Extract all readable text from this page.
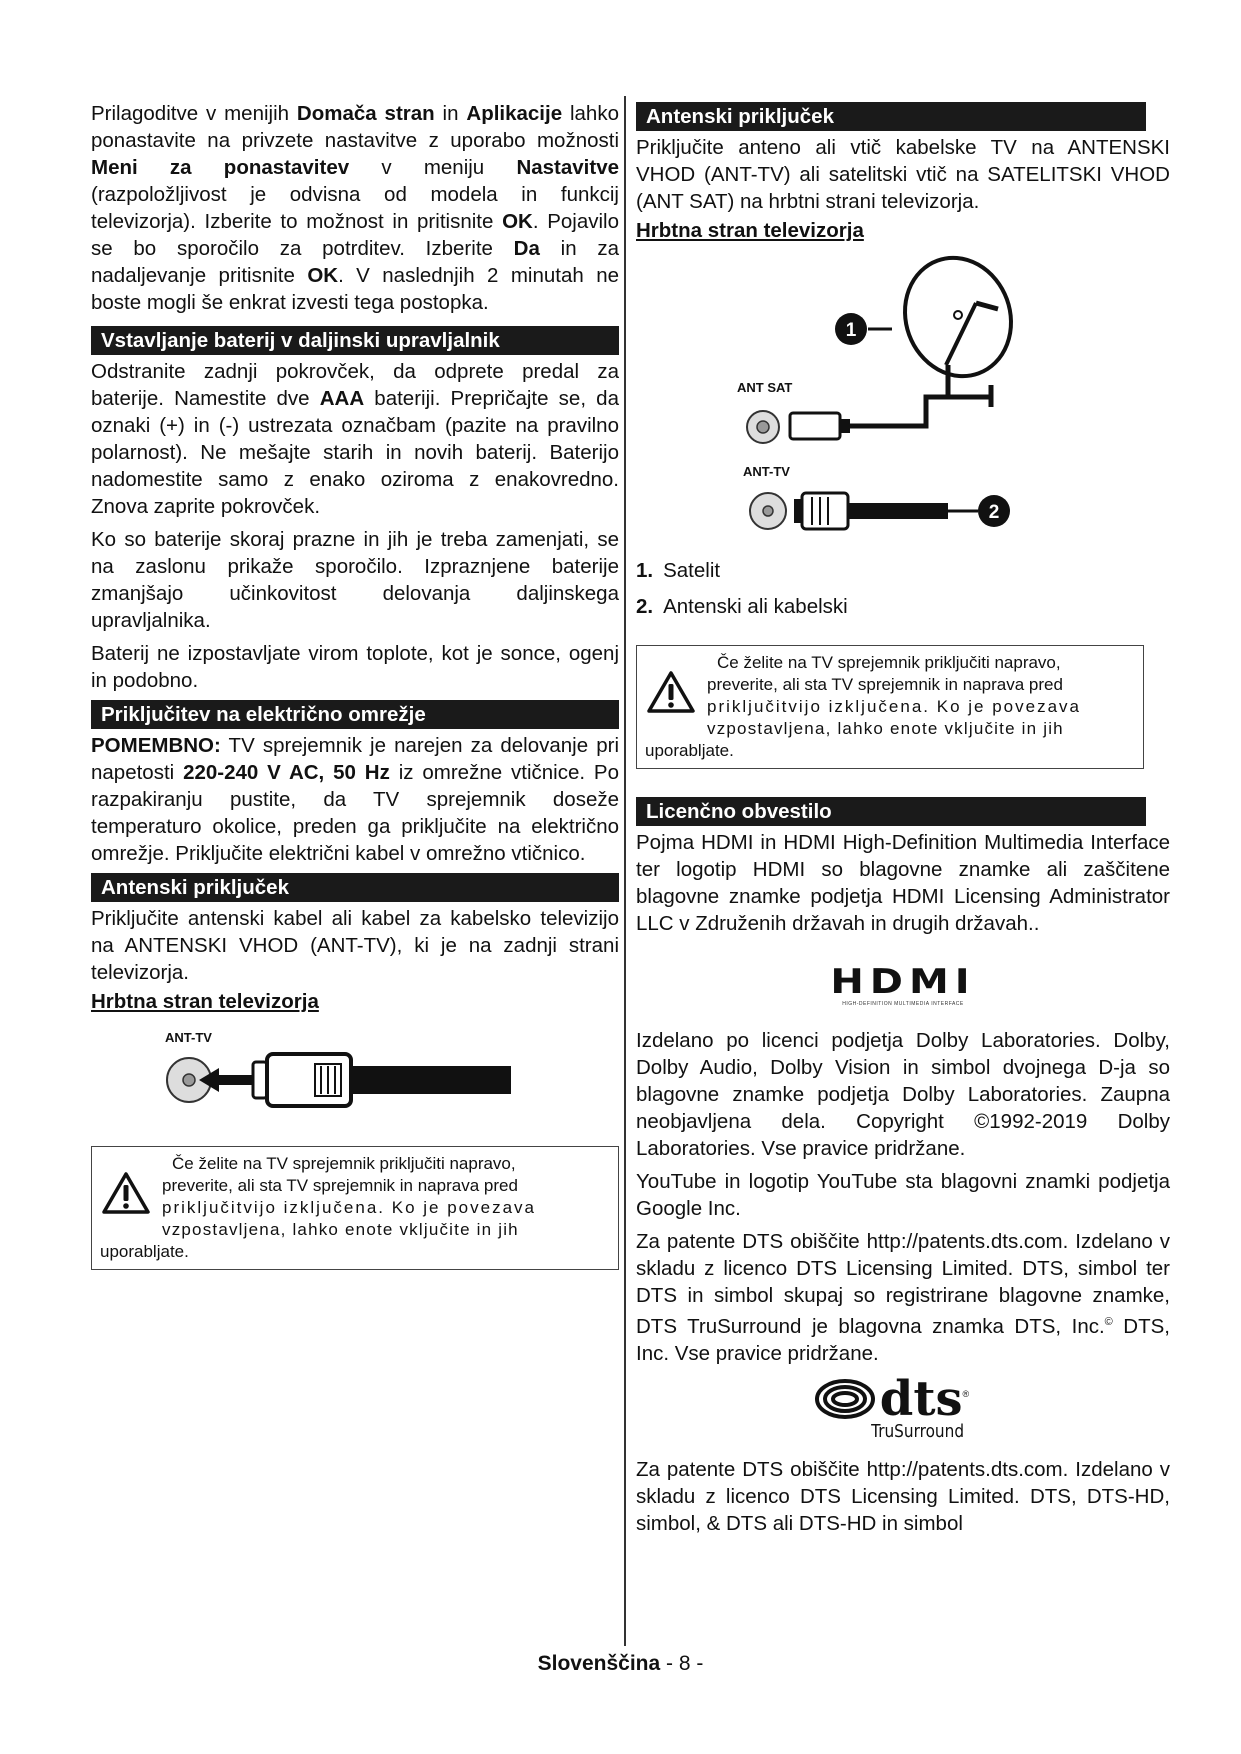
Prilagoditve v menijih Domača stran in Aplikacije lahko ponastavite na privzete nastavitve z uporabo možnosti Meni za ponastavitev v meniju Nastavitve (razpoložljivost je odvisna od modela in funkcij televizorja). Izberite to možnost in pritisnite OK. Pojavilo se bo sporočilo za potrditev. Izberite Da in za nadaljevanje pritisnite OK. V naslednjih 2 minutah ne boste mogli še enkrat izvesti tega postopka.

Vstavljanje baterij v daljinski upravljalnik

Odstranite zadnji pokrovček, da odprete predal za baterije. Namestite dve AAA bateriji. Prepričajte se, da oznaki (+) in (-) ustrezata označbam (pazite na pravilno polarnost). Ne mešajte starih in novih baterij. Baterijo nadomestite samo z enako oziroma z enakovredno. Znova zaprite pokrovček.

Ko so baterije skoraj prazne in jih je treba zamenjati, se na zaslonu prikaže sporočilo. Izpraznjene baterije zmanjšajo učinkovitost delovanja daljinskega upravljalnika.

Baterij ne izpostavljate virom toplote, kot je sonce, ogenj in podobno.

Priključitev na električno omrežje

POMEMBNO: TV sprejemnik je narejen za delovanje pri napetosti 220-240 V AC, 50 Hz iz omrežne vtičnice. Po razpakiranju pustite, da TV sprejemnik doseže temperaturo okolice, preden ga priključite na električno omrežje. Priključite električni kabel v omrežno vtičnico.

Antenski priključek

Priključite antenski kabel ali kabel za kabelsko televizijo na ANTENSKI VHOD (ANT-TV), ki je na zadnji strani televizorja.

Hrbtna stran televizorja
ANT-TV
Če želite na TV sprejemnik priključiti napravo,
preverite, ali sta TV sprejemnik in naprava pred
priključitvijo izključena. Ko je povezava
vzpostavljena, lahko enote vključite in jih
uporabljate.
Antenski priključek

Priključite anteno ali vtič kabelske TV na ANTENSKI VHOD (ANT-TV) ali satelitski vtič na SATELITSKI VHOD (ANT SAT) na hrbtni strani televizorja.

Hrbtna stran televizorja
1
ANT SAT
ANT-TV
2
1. Satelit
2. Antenski ali kabelski
Če želite na TV sprejemnik priključiti napravo,
preverite, ali sta TV sprejemnik in naprava pred
priključitvijo izključena. Ko je povezava
vzpostavljena, lahko enote vključite in jih
uporabljate.
Licenčno obvestilo

Pojma HDMI in HDMI High-Definition Multimedia Interface ter logotip HDMI so blagovne znamke ali zaščitene blagovne znamke podjetja HDMI Licensing Administrator LLC v Združenih državah in drugih državah..

HDMI
HIGH-DEFINITION MULTIMEDIA INTERFACE

Izdelano po licenci podjetja Dolby Laboratories. Dolby, Dolby Audio, Dolby Vision in simbol dvojnega D-ja so blagovne znamke podjetja Dolby Laboratories. Zaupna neobjavljena dela. Copyright ©1992-2019 Dolby Laboratories. Vse pravice pridržane.

YouTube in logotip YouTube sta blagovni znamki podjetja Google Inc.

Za patente DTS obiščite http://patents.dts.com. Izdelano v skladu z licenco DTS Licensing Limited. DTS, simbol ter DTS in simbol skupaj so registrirane blagovne znamke, DTS TruSurround je blagovna znamka DTS, Inc.© DTS, Inc. Vse pravice pridržane.

dts®
TruSurround

Za patente DTS obiščite http://patents.dts.com. Izdelano v skladu z licenco DTS Licensing Limited. DTS, DTS-HD, simbol, & DTS ali DTS-HD in simbol

Slovenščina - 8 -
